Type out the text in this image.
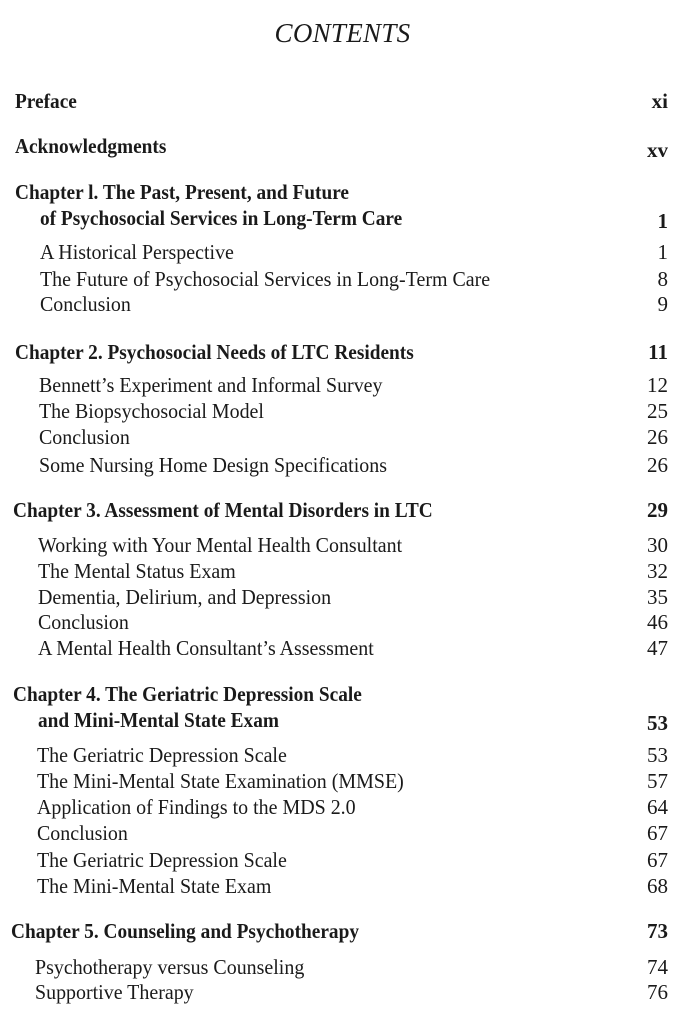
CONTENTS
Preface	xi
Acknowledgments	xv
Chapter l. The Past, Present, and Future
of Psychosocial Services in Long-Term Care	1
A Historical Perspective	1
The Future of Psychosocial Services in Long-Term Care	8
Conclusion	9
Chapter 2. Psychosocial Needs of LTC Residents	11
Bennett’s Experiment and Informal Survey	12
The Biopsychosocial Model	25
Conclusion	26
Some Nursing Home Design Specifications	26
Chapter 3. Assessment of Mental Disorders in LTC	29
Working with Your Mental Health Consultant	30
The Mental Status Exam	32
Dementia, Delirium, and Depression	35
Conclusion	46
A Mental Health Consultant’s Assessment	47
Chapter 4. The Geriatric Depression Scale
and Mini-Mental State Exam	53
The Geriatric Depression Scale	53
The Mini-Mental State Examination (MMSE)	57
Application of Findings to the MDS 2.0	64
Conclusion	67
The Geriatric Depression Scale	67
The Mini-Mental State Exam	68
Chapter 5. Counseling and Psychotherapy	73
Psychotherapy versus Counseling	74
Supportive Therapy	76
